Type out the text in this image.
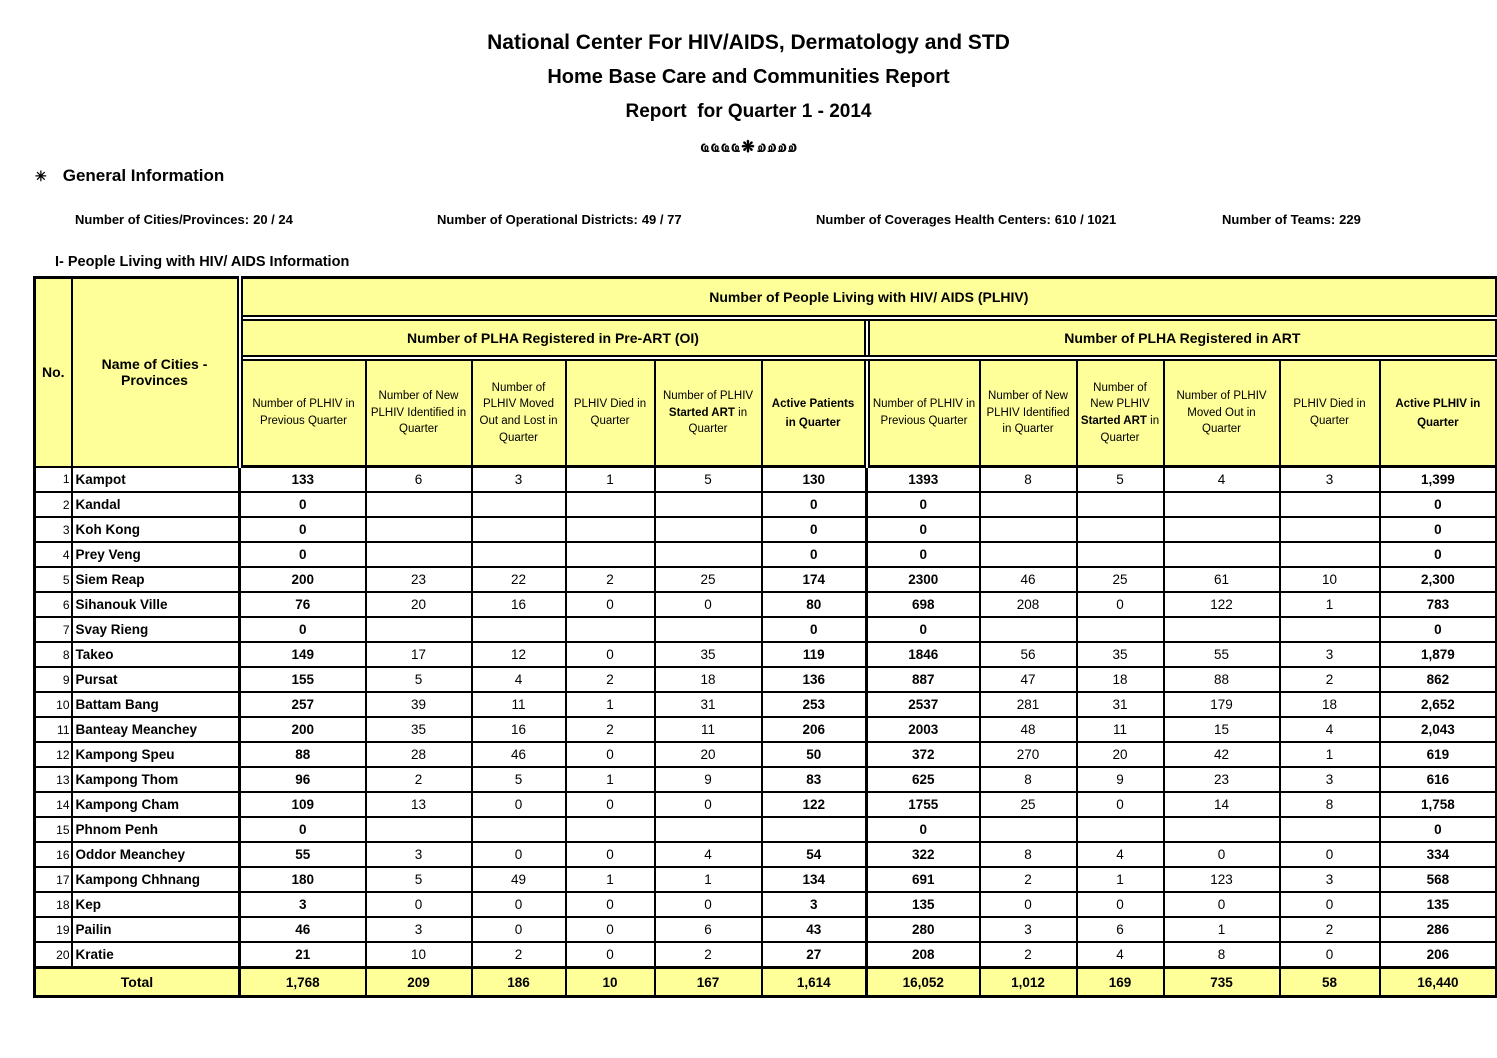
National Center For HIV/AIDS, Dermatology and STD
Home Base Care and Communities Report
Report  for Quarter 1 - 2014
ҩҩҩҩ❋ҩҩҩҩ
✳ General Information
Number of Cities/Provinces: 20 / 24	Number of Operational Districts: 49 / 77	Number of Coverages Health Centers: 610 / 1021	Number of Teams: 229
I- People Living with HIV/ AIDS Information
No.	Name of Cities - Provinces	Number of People Living with HIV/ AIDS (PLHIV)											
		Number of PLHA Registered in Pre-ART (OI)						Number of PLHA Registered in ART					
		Number of PLHIV in Previous Quarter	Number of New PLHIV Identified in Quarter	Number of PLHIV Moved Out and Lost in Quarter	PLHIV Died in Quarter	Number of PLHIV Started ART in Quarter	Active Patients in Quarter	Number of PLHIV in Previous Quarter	Number of New PLHIV Identified in Quarter	Number of New PLHIV Started ART in Quarter	Number of PLHIV Moved Out in Quarter	PLHIV Died in Quarter	Active PLHIV in Quarter
1	Kampot	133	6	3	1	5	130	1393	8	5	4	3	1,399
2	Kandal	0					0	0					0
3	Koh Kong	0					0	0					0
4	Prey Veng	0					0	0					0
5	Siem Reap	200	23	22	2	25	174	2300	46	25	61	10	2,300
6	Sihanouk Ville	76	20	16	0	0	80	698	208	0	122	1	783
7	Svay Rieng	0					0	0					0
8	Takeo	149	17	12	0	35	119	1846	56	35	55	3	1,879
9	Pursat	155	5	4	2	18	136	887	47	18	88	2	862
10	Battam Bang	257	39	11	1	31	253	2537	281	31	179	18	2,652
11	Banteay Meanchey	200	35	16	2	11	206	2003	48	11	15	4	2,043
12	Kampong Speu	88	28	46	0	20	50	372	270	20	42	1	619
13	Kampong Thom	96	2	5	1	9	83	625	8	9	23	3	616
14	Kampong Cham	109	13	0	0	0	122	1755	25	0	14	8	1,758
15	Phnom Penh	0						0					0
16	Oddor Meanchey	55	3	0	0	4	54	322	8	4	0	0	334
17	Kampong Chhnang	180	5	49	1	1	134	691	2	1	123	3	568
18	Kep	3	0	0	0	0	3	135	0	0	0	0	135
19	Pailin	46	3	0	0	6	43	280	3	6	1	2	286
20	Kratie	21	10	2	0	2	27	208	2	4	8	0	206
Total		1,768	209	186	10	167	1,614	16,052	1,012	169	735	58	16,440
